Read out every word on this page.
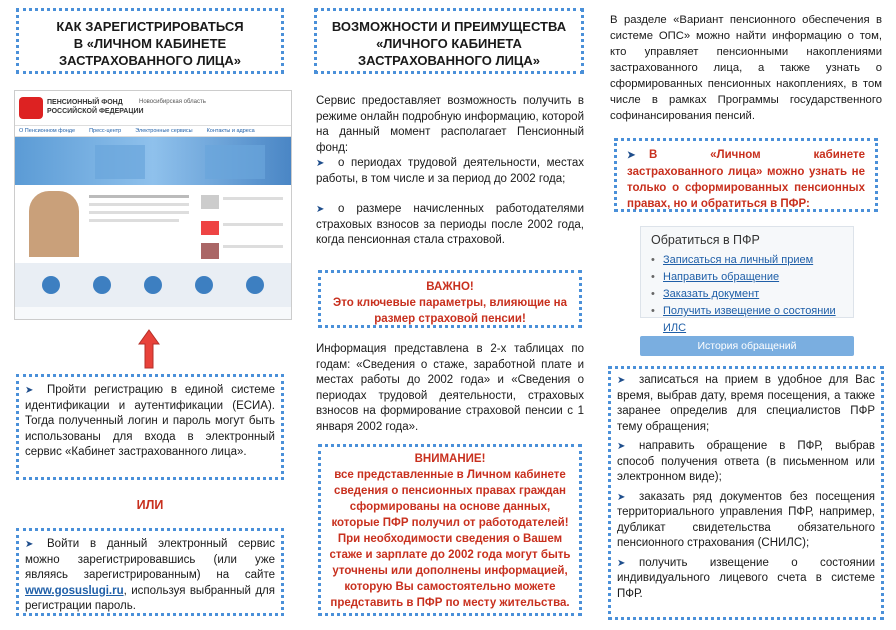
КАК ЗАРЕГИСТРИРОВАТЬСЯ
В «ЛИЧНОМ КАБИНЕТЕ
ЗАСТРАХОВАННОГО ЛИЦА»
ПЕНСИОННЫЙ ФОНД
РОССИЙСКОЙ ФЕДЕРАЦИИ
Новосибирская область
О Пенсионном фонде	Пресс-центр	Электронные сервисы	Контакты и адреса
➤ Пройти регистрацию в единой системе идентификации и аутентификации (ЕСИА). Тогда полученный логин и пароль могут быть использованы для входа в электронный сервис «Кабинет застрахованного лица».
ИЛИ
➤ Войти в данный электронный сервис можно зарегистрировавшись (или уже являясь зарегистрированным) на сайте www.gosuslugi.ru, используя выбранный для регистрации пароль.
ВОЗМОЖНОСТИ И ПРЕИМУЩЕСТВА
«ЛИЧНОГО КАБИНЕТА
ЗАСТРАХОВАННОГО ЛИЦА»
Сервис предоставляет возможность получить в режиме онлайн подробную информацию, которой на данный момент располагает Пенсионный фонд:
➤ о периодах трудовой деятельности, местах работы, в том числе и за период до 2002 года;
➤ о размере начисленных работодателями страховых взносов за периоды после 2002 года, когда пенсионная стала страховой.
ВАЖНО!
Это ключевые параметры, влияющие на размер страховой пенсии!
Информация представлена в 2-х таблицах по годам: «Сведения о стаже, заработной плате и местах работы до 2002 года» и «Сведения о периодах трудовой деятельности, страховых взносов на формирование страховой пенсии с 1 января 2002 года».
ВНИМАНИЕ!
все представленные в Личном кабинете сведения о пенсионных правах граждан сформированы на основе данных, которые ПФР получил от работодателей! При необходимости сведения о Вашем стаже и зарплате до 2002 года могут быть уточнены или дополнены информацией, которую Вы самостоятельно можете представить в ПФР по месту жительства.
В разделе «Вариант пенсионного обеспечения в системе ОПС» можно найти информацию о том, кто управляет пенсионными накоплениями застрахованного лица, а также узнать о сформированных пенсионных накоплениях, в том числе в рамках Программы государственного софинансирования пенсий.
➤ В «Личном кабинете застрахованного лица» можно узнать не только о сформированных пенсионных правах, но и обратиться в ПФР:
Обратиться в ПФР
• Записаться на личный прием
• Направить обращение
• Заказать документ
• Получить извещение о состоянии ИЛС
История обращений
➤ записаться на прием в удобное для Вас время, выбрав дату, время посещения, а также заранее определив для специалистов ПФР тему обращения;
➤ направить обращение в ПФР, выбрав способ получения ответа (в письменном или электронном виде);
➤ заказать ряд документов без посещения территориального управления ПФР, например, дубликат свидетельства обязательного пенсионного страхования (СНИЛС);
➤ получить извещение о состоянии индивидуального лицевого счета в системе ПФР.
